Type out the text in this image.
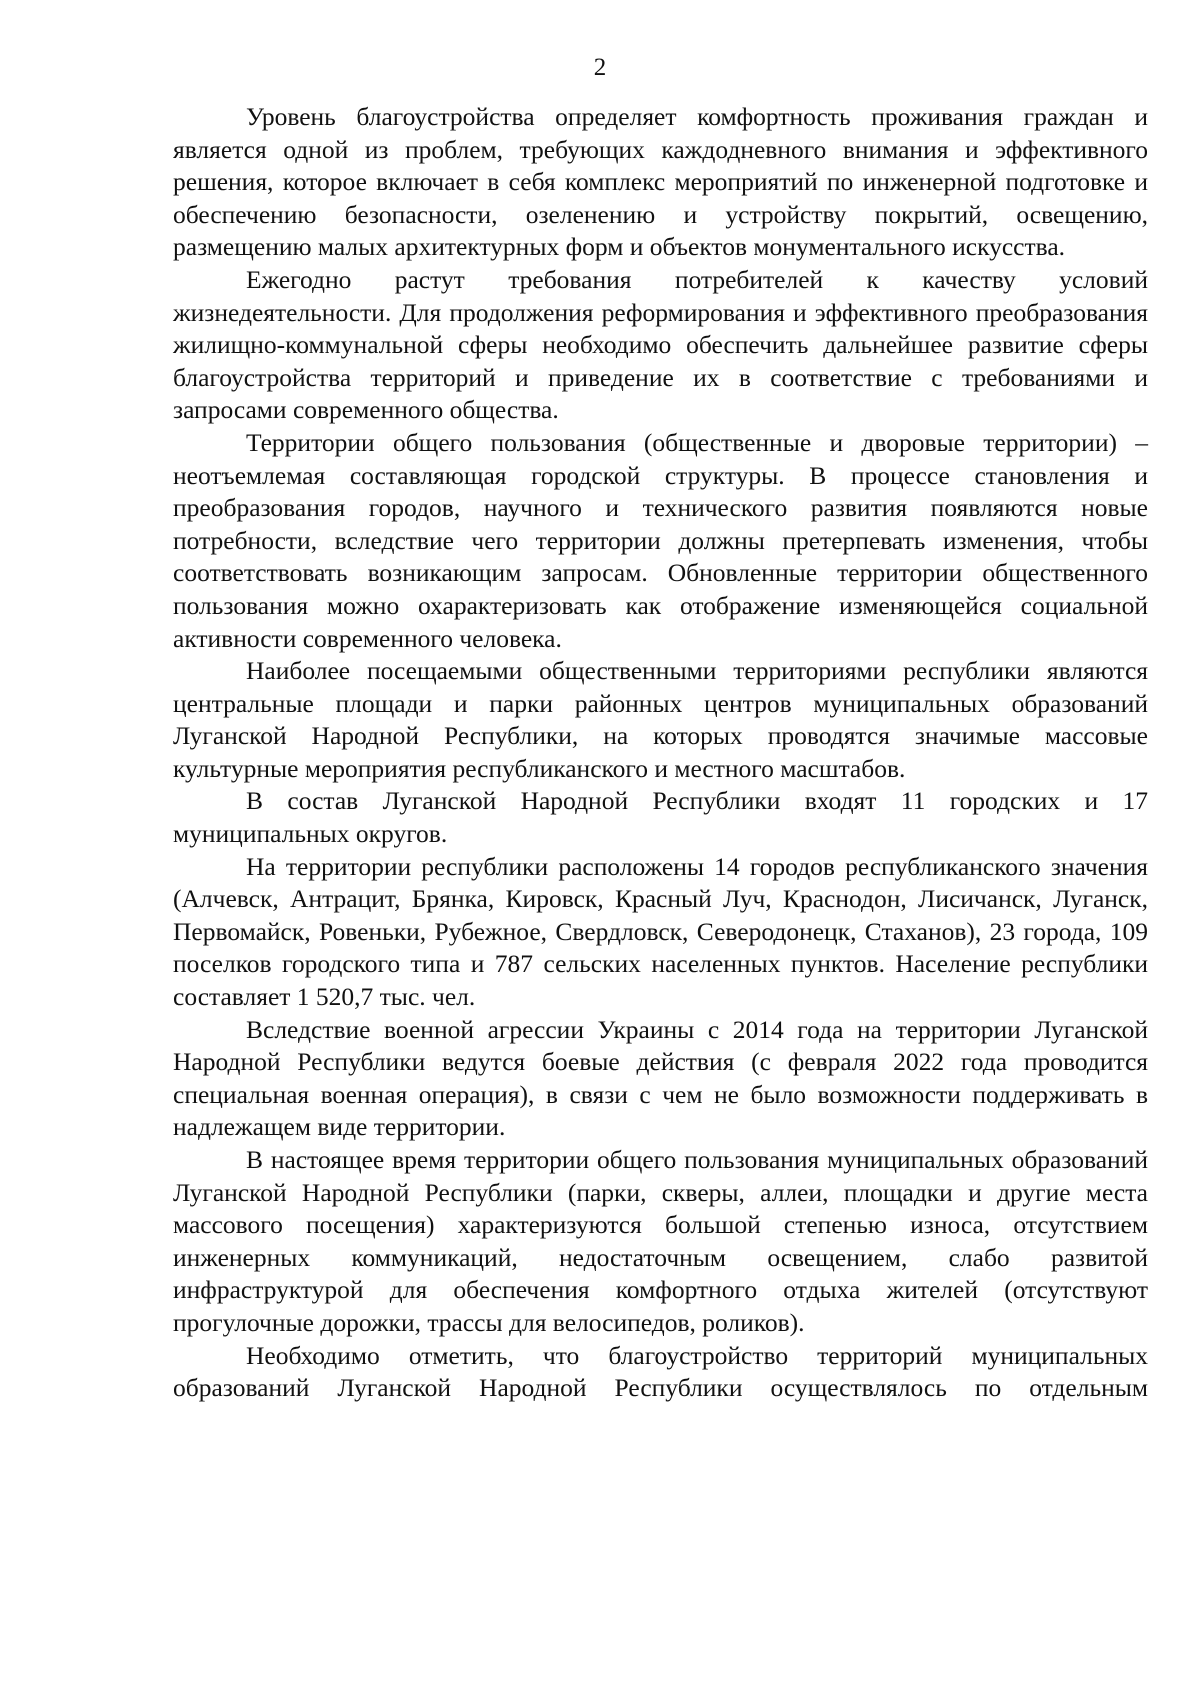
2

Уровень благоустройства определяет комфортность проживания граждан и является одной из проблем, требующих каждодневного внимания и эффективного решения, которое включает в себя комплекс мероприятий по инженерной подготовке и обеспечению безопасности, озеленению и устройству покрытий, освещению, размещению малых архитектурных форм и объектов монументального искусства.

Ежегодно растут требования потребителей к качеству условий жизнедеятельности. Для продолжения реформирования и эффективного преобразования жилищно-коммунальной сферы необходимо обеспечить дальнейшее развитие сферы благоустройства территорий и приведение их в соответствие с требованиями и запросами современного общества.

Территории общего пользования (общественные и дворовые территории) – неотъемлемая составляющая городской структуры. В процессе становления и преобразования городов, научного и технического развития появляются новые потребности, вследствие чего территории должны претерпевать изменения, чтобы соответствовать возникающим запросам. Обновленные территории общественного пользования можно охарактеризовать как отображение изменяющейся социальной активности современного человека.

Наиболее посещаемыми общественными территориями республики являются центральные площади и парки районных центров муниципальных образований Луганской Народной Республики, на которых проводятся значимые массовые культурные мероприятия республиканского и местного масштабов.

В состав Луганской Народной Республики входят 11 городских и 17 муниципальных округов.

На территории республики расположены 14 городов республиканского значения (Алчевск, Антрацит, Брянка, Кировск, Красный Луч, Краснодон, Лисичанск, Луганск, Первомайск, Ровеньки, Рубежное, Свердловск, Северодонецк, Стаханов), 23 города, 109 поселков городского типа и 787 сельских населенных пунктов. Население республики составляет 1 520,7 тыс. чел.

Вследствие военной агрессии Украины с 2014 года на территории Луганской Народной Республики ведутся боевые действия (с февраля 2022 года проводится специальная военная операция), в связи с чем не было возможности поддерживать в надлежащем виде территории.

В настоящее время территории общего пользования муниципальных образований Луганской Народной Республики (парки, скверы, аллеи, площадки и другие места массового посещения) характеризуются большой степенью износа, отсутствием инженерных коммуникаций, недостаточным освещением, слабо развитой инфраструктурой для обеспечения комфортного отдыха жителей (отсутствуют прогулочные дорожки, трассы для велосипедов, роликов).

Необходимо отметить, что благоустройство территорий муниципальных образований Луганской Народной Республики осуществлялось по отдельным
